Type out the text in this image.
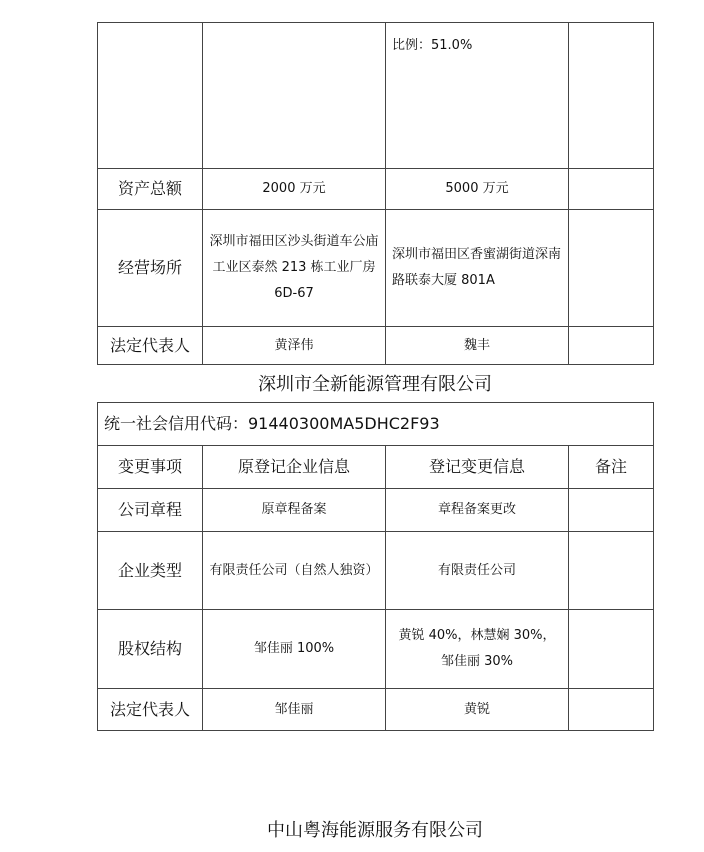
		比例：51.0%	
资产总额	2000 万元	5000 万元	
经营场所	深圳市福田区沙头街道车公庙工业区泰然 213 栋工业厂房 6D-67	深圳市福田区香蜜湖街道深南路联泰大厦 801A	
法定代表人	黄泽伟	魏丰	
深圳市全新能源管理有限公司
统一社会信用代码：91440300MA5DHC2F93			
变更事项	原登记企业信息	登记变更信息	备注
公司章程	原章程备案	章程备案更改	
企业类型	有限责任公司（自然人独资）	有限责任公司	
股权结构	邹佳丽 100%	黄锐 40%，林慧娴 30%，邹佳丽 30%	
法定代表人	邹佳丽	黄锐	
中山粤海能源服务有限公司
